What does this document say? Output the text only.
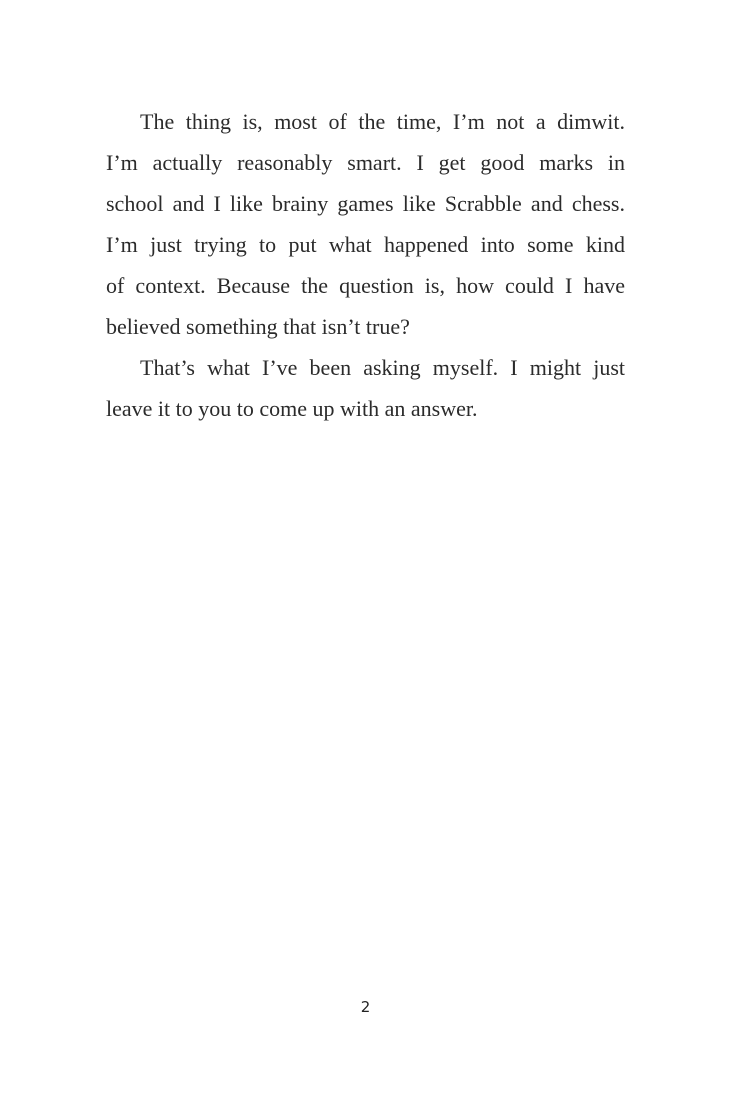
The thing is, most of the time, I’m not a dimwit.
I’m actually reasonably smart. I get good marks in
school and I like brainy games like Scrabble and chess.
I’m just trying to put what happened into some kind
of context. Because the question is, how could I have
believed something that isn’t true?

That’s what I’ve been asking myself. I might just
leave it to you to come up with an answer.

2
